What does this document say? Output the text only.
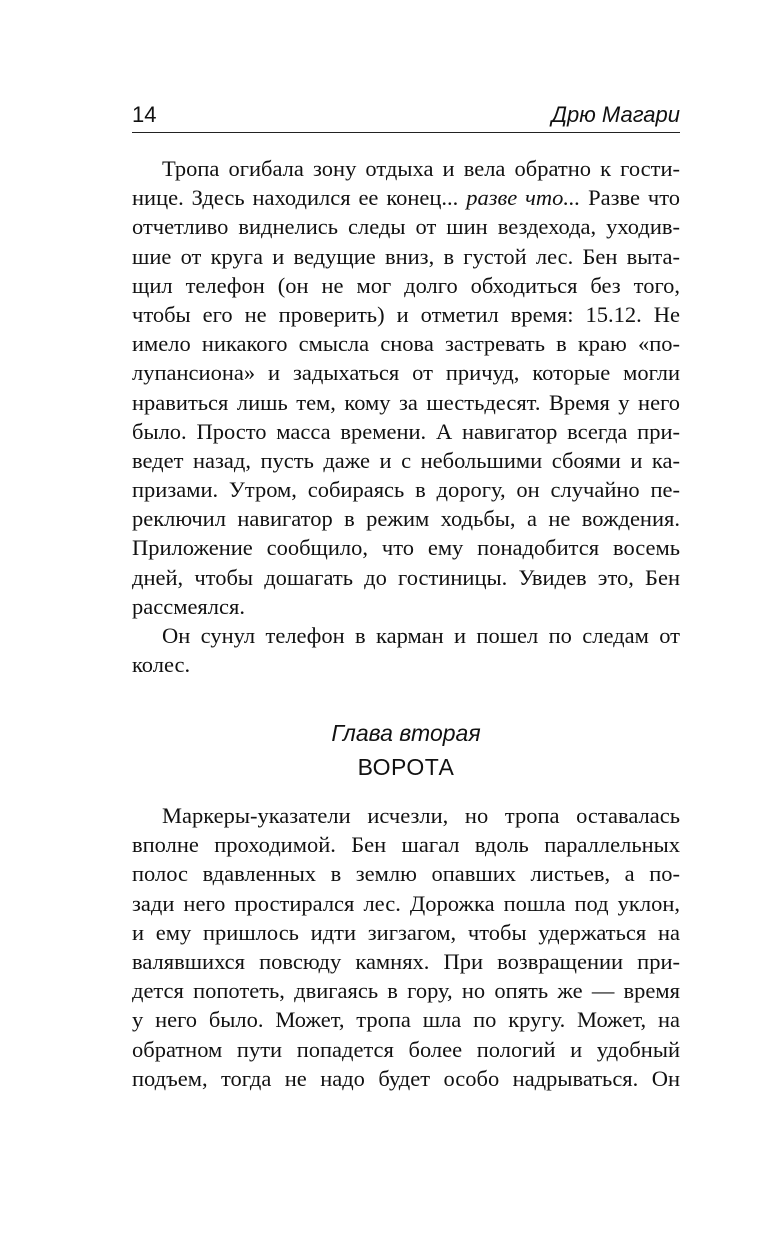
14	Дрю Магари
Тропа огибала зону отдыха и вела обратно к гости-
нице. Здесь находился ее конец... разве что... Разве что
отчетливо виднелись следы от шин вездехода, уходив-
шие от круга и ведущие вниз, в густой лес. Бен выта-
щил телефон (он не мог долго обходиться без того,
чтобы его не проверить) и отметил время: 15.12. Не
имело никакого смысла снова застревать в краю «по-
лупансиона» и задыхаться от причуд, которые могли
нравиться лишь тем, кому за шестьдесят. Время у него
было. Просто масса времени. А навигатор всегда при-
ведет назад, пусть даже и с небольшими сбоями и ка-
призами. Утром, собираясь в дорогу, он случайно пе-
реключил навигатор в режим ходьбы, а не вождения.
Приложение сообщило, что ему понадобится восемь
дней, чтобы дошагать до гостиницы. Увидев это, Бен
рассмеялся.
Он сунул телефон в карман и пошел по следам от
колес.
Глава вторая
ВОРОТА
Маркеры-указатели исчезли, но тропа оставалась
вполне проходимой. Бен шагал вдоль параллельных
полос вдавленных в землю опавших листьев, а по-
зади него простирался лес. Дорожка пошла под уклон,
и ему пришлось идти зигзагом, чтобы удержаться на
валявшихся повсюду камнях. При возвращении при-
дется попотеть, двигаясь в гору, но опять же — время
у него было. Может, тропа шла по кругу. Может, на
обратном пути попадется более пологий и удобный
подъем, тогда не надо будет особо надрываться. Он
